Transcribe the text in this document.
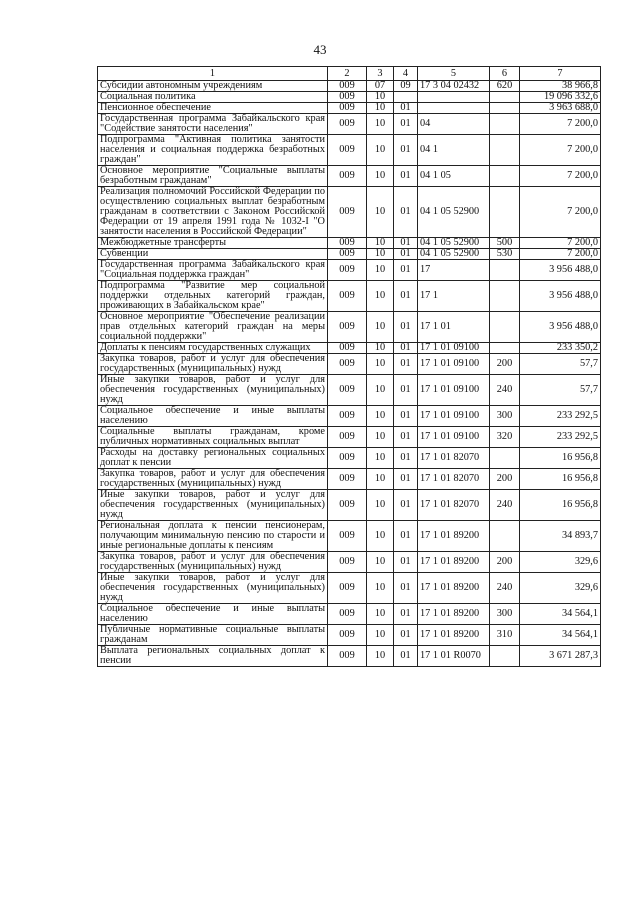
43
1	2	3	4	5	6	7
Субсидии автономным учреждениям	009	07	09	17 3 04 02432	620	38 966,8
Социальная политика	009	10				19 096 332,6
Пенсионное обеспечение	009	10	01			3 963 688,0
Государственная программа Забайкальского края "Содействие занятости населения"	009	10	01	04		7 200,0
Подпрограмма "Активная политика занятости населения и социальная поддержка безработных граждан"	009	10	01	04 1		7 200,0
Основное мероприятие "Социальные выплаты безработным гражданам"	009	10	01	04 1 05		7 200,0
Реализация полномочий Российской Федерации по осуществлению социальных выплат безработным гражданам в соответствии с Законом Российской Федерации от 19 апреля 1991 года № 1032-I "О занятости населения в Российской Федерации"	009	10	01	04 1 05 52900		7 200,0
Межбюджетные трансферты	009	10	01	04 1 05 52900	500	7 200,0
Субвенции	009	10	01	04 1 05 52900	530	7 200,0
Государственная программа Забайкальского края "Социальная поддержка граждан"	009	10	01	17		3 956 488,0
Подпрограмма "Развитие мер социальной поддержки отдельных категорий граждан, проживающих в Забайкальском крае"	009	10	01	17 1		3 956 488,0
Основное мероприятие "Обеспечение реализации прав отдельных категорий граждан на меры социальной поддержки"	009	10	01	17 1 01		3 956 488,0
Доплаты к пенсиям государственных служащих	009	10	01	17 1 01 09100		233 350,2
Закупка товаров, работ и услуг для обеспечения государственных (муниципальных) нужд	009	10	01	17 1 01 09100	200	57,7
Иные закупки товаров, работ и услуг для обеспечения государственных (муниципальных) нужд	009	10	01	17 1 01 09100	240	57,7
Социальное обеспечение и иные выплаты населению	009	10	01	17 1 01 09100	300	233 292,5
Социальные выплаты гражданам, кроме публичных нормативных социальных выплат	009	10	01	17 1 01 09100	320	233 292,5
Расходы на доставку региональных социальных доплат к пенсии	009	10	01	17 1 01 82070		16 956,8
Закупка товаров, работ и услуг для обеспечения государственных (муниципальных) нужд	009	10	01	17 1 01 82070	200	16 956,8
Иные закупки товаров, работ и услуг для обеспечения государственных (муниципальных) нужд	009	10	01	17 1 01 82070	240	16 956,8
Региональная доплата к пенсии пенсионерам, получающим минимальную пенсию по старости и иные региональные доплаты к пенсиям	009	10	01	17 1 01 89200		34 893,7
Закупка товаров, работ и услуг для обеспечения государственных (муниципальных) нужд	009	10	01	17 1 01 89200	200	329,6
Иные закупки товаров, работ и услуг для обеспечения государственных (муниципальных) нужд	009	10	01	17 1 01 89200	240	329,6
Социальное обеспечение и иные выплаты населению	009	10	01	17 1 01 89200	300	34 564,1
Публичные нормативные социальные выплаты гражданам	009	10	01	17 1 01 89200	310	34 564,1
Выплата региональных социальных доплат к пенсии	009	10	01	17 1 01 R0070		3 671 287,3
